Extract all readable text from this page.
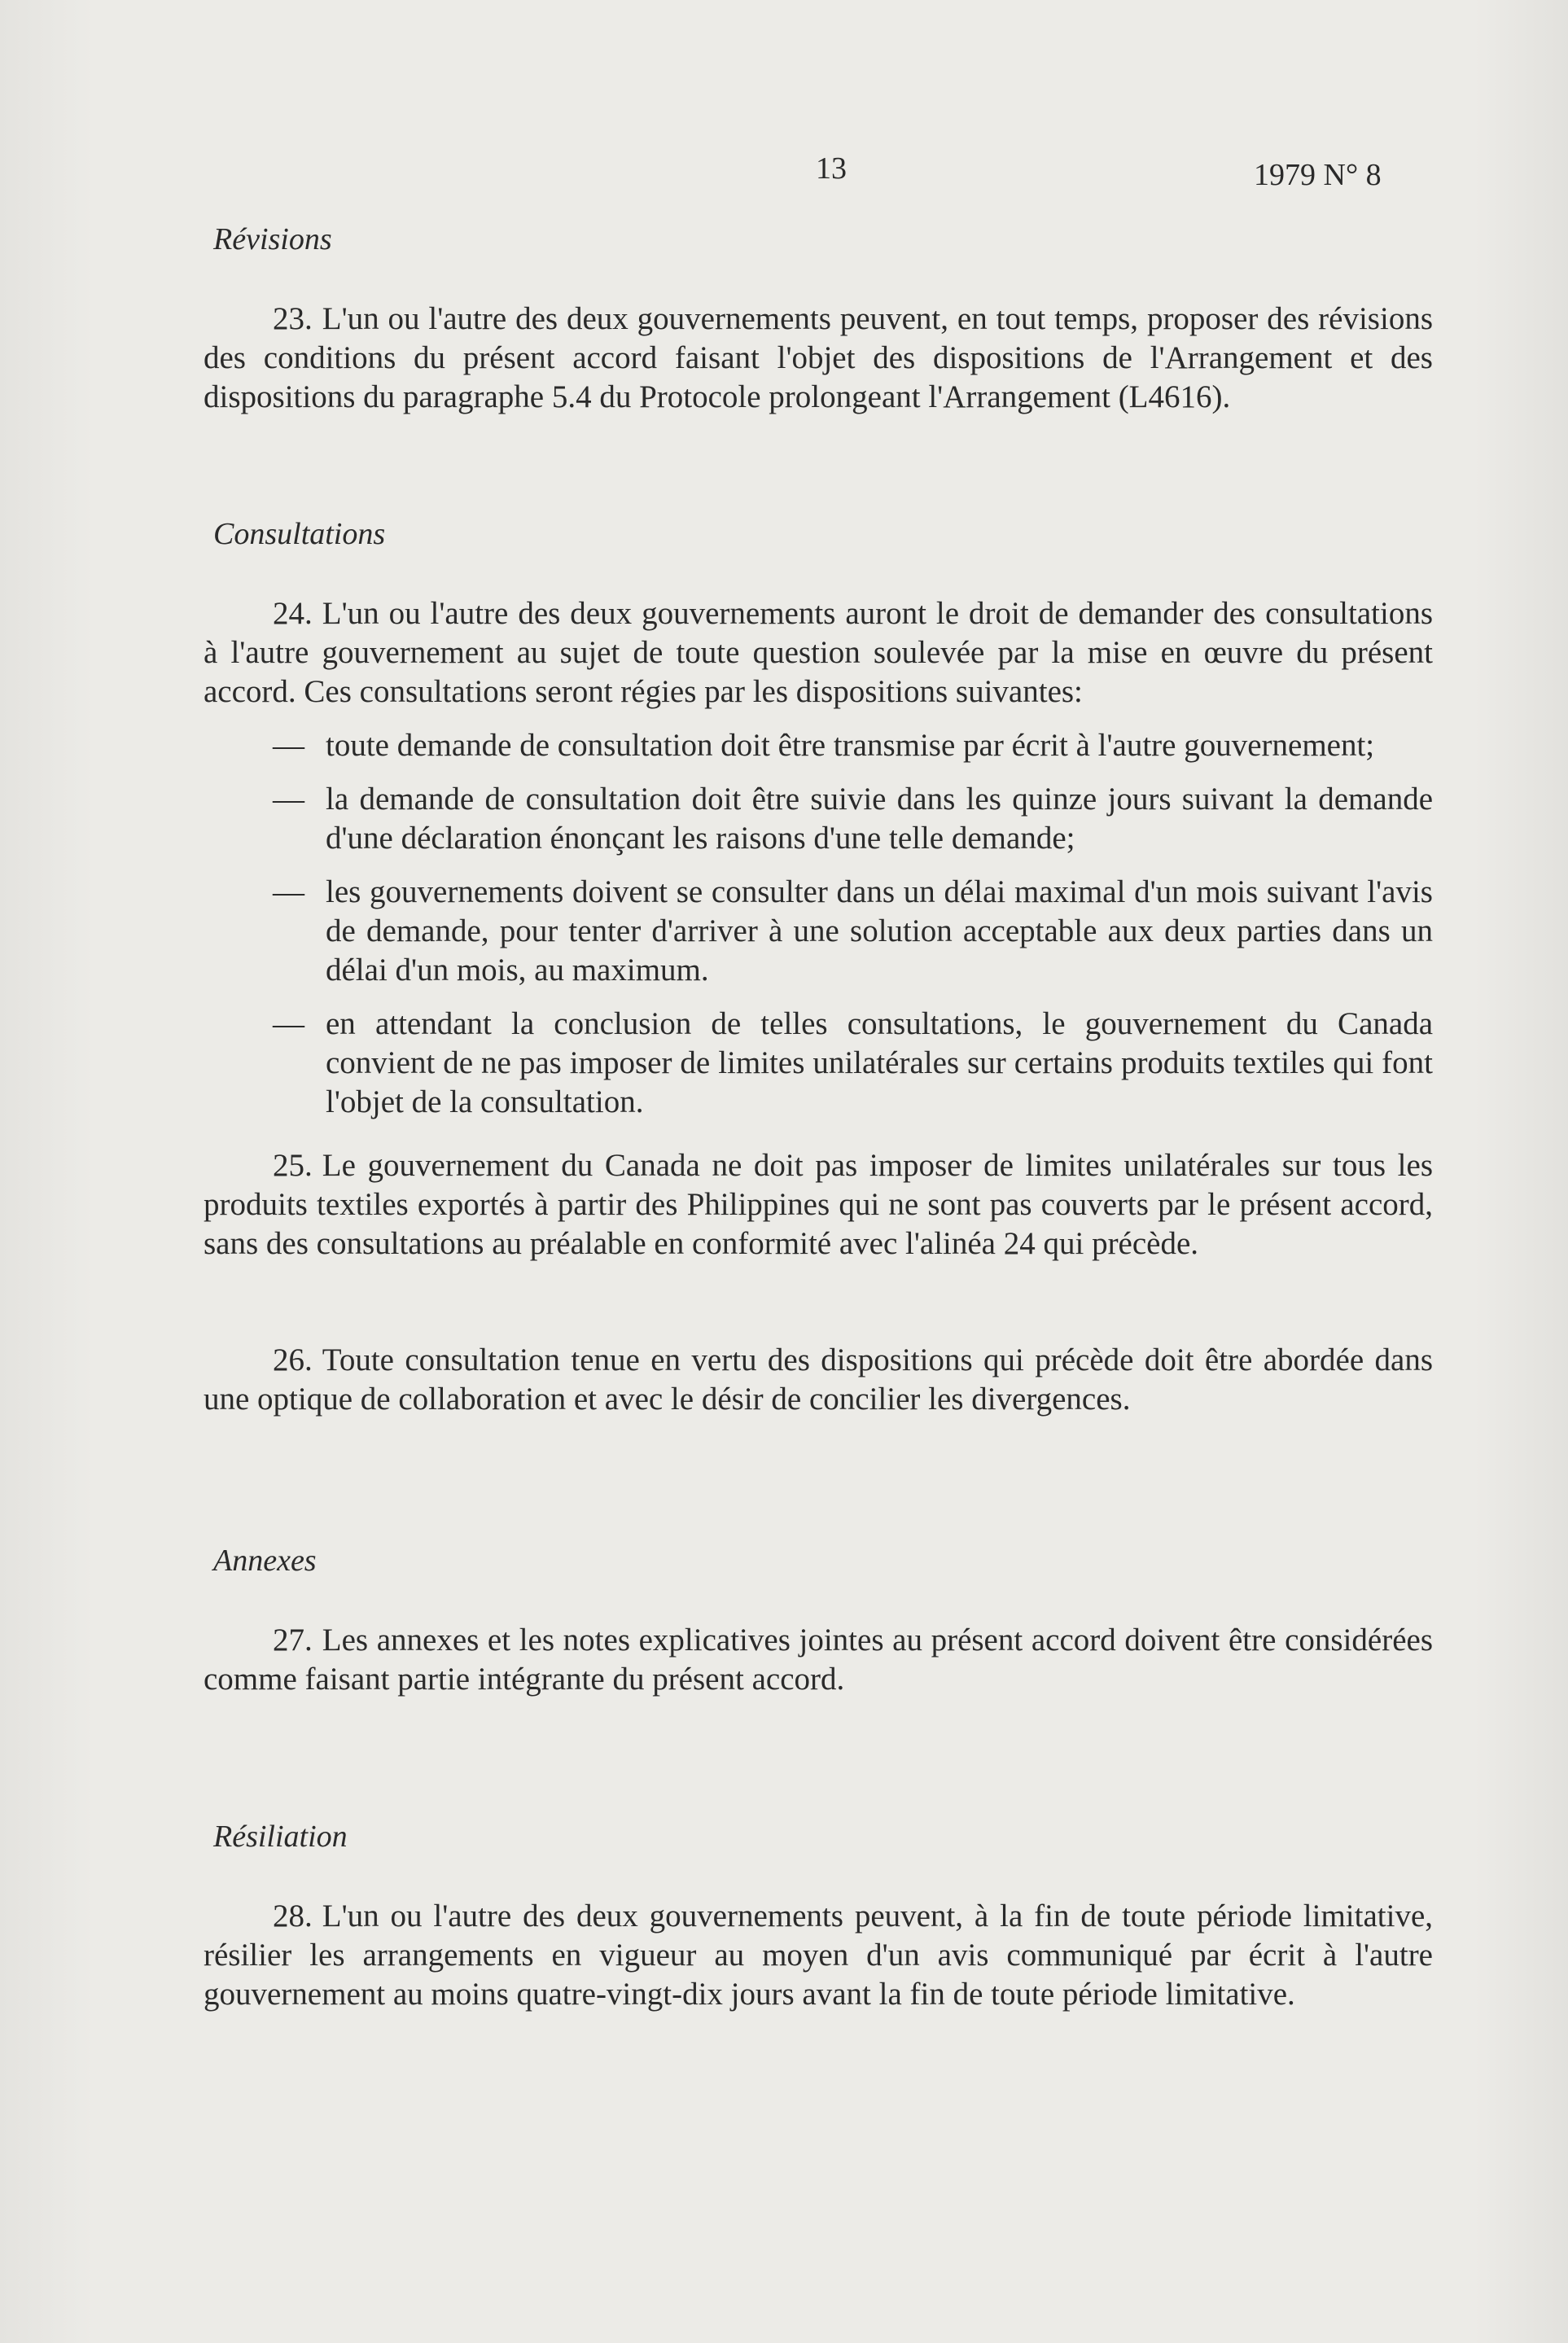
13	1979 N° 8

Révisions

23. L'un ou l'autre des deux gouvernements peuvent, en tout temps, proposer des révisions des conditions du présent accord faisant l'objet des dispositions de l'Arrangement et des dispositions du paragraphe 5.4 du Protocole prolongeant l'Arrangement (L4616).

Consultations

24. L'un ou l'autre des deux gouvernements auront le droit de demander des consultations à l'autre gouvernement au sujet de toute question soulevée par la mise en œuvre du présent accord. Ces consultations seront régies par les dispositions suivantes:

— toute demande de consultation doit être transmise par écrit à l'autre gouvernement;
— la demande de consultation doit être suivie dans les quinze jours suivant la demande d'une déclaration énonçant les raisons d'une telle demande;
— les gouvernements doivent se consulter dans un délai maximal d'un mois suivant l'avis de demande, pour tenter d'arriver à une solution acceptable aux deux parties dans un délai d'un mois, au maximum.
— en attendant la conclusion de telles consultations, le gouvernement du Canada convient de ne pas imposer de limites unilatérales sur certains produits textiles qui font l'objet de la consultation.

25. Le gouvernement du Canada ne doit pas imposer de limites unilatérales sur tous les produits textiles exportés à partir des Philippines qui ne sont pas couverts par le présent accord, sans des consultations au préalable en conformité avec l'alinéa 24 qui précède.

26. Toute consultation tenue en vertu des dispositions qui précède doit être abordée dans une optique de collaboration et avec le désir de concilier les divergences.

Annexes

27. Les annexes et les notes explicatives jointes au présent accord doivent être considérées comme faisant partie intégrante du présent accord.

Résiliation

28. L'un ou l'autre des deux gouvernements peuvent, à la fin de toute période limitative, résilier les arrangements en vigueur au moyen d'un avis communiqué par écrit à l'autre gouvernement au moins quatre-vingt-dix jours avant la fin de toute période limitative.
